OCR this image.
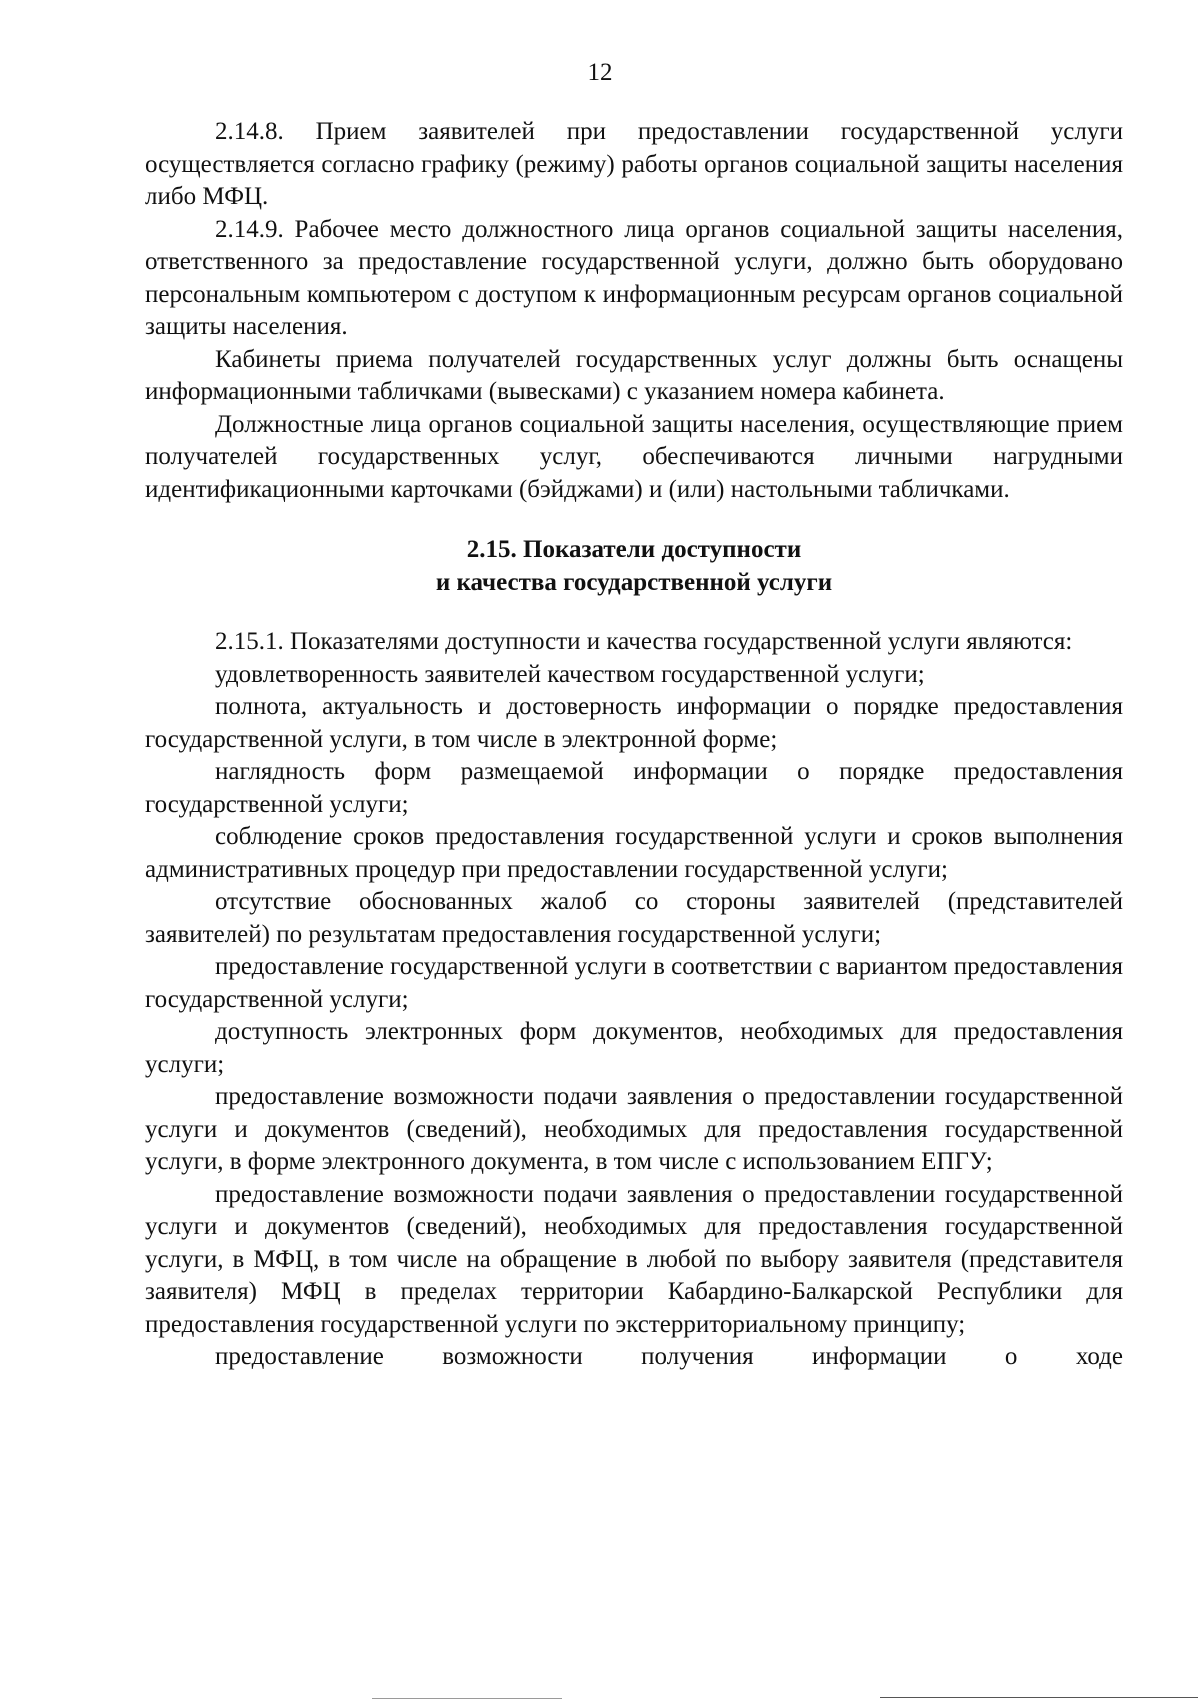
12

2.14.8. Прием заявителей при предоставлении государственной услуги осуществляется согласно графику (режиму) работы органов социальной защиты населения либо МФЦ.

2.14.9. Рабочее место должностного лица органов социальной защиты населения, ответственного за предоставление государственной услуги, должно быть оборудовано персональным компьютером с доступом к информационным ресурсам органов социальной защиты населения.

Кабинеты приема получателей государственных услуг должны быть оснащены информационными табличками (вывесками) с указанием номера кабинета.

Должностные лица органов социальной защиты населения, осуществляющие прием получателей государственных услуг, обеспечиваются личными нагрудными идентификационными карточками (бэйджами) и (или) настольными табличками.

2.15. Показатели доступности

и качества государственной услуги

2.15.1. Показателями доступности и качества государственной услуги являются:

удовлетворенность заявителей качеством государственной услуги;

полнота, актуальность и достоверность информации о порядке предоставления государственной услуги, в том числе в электронной форме;

наглядность форм размещаемой информации о порядке предоставления государственной услуги;

соблюдение сроков предоставления государственной услуги и сроков выполнения административных процедур при предоставлении государственной услуги;

отсутствие обоснованных жалоб со стороны заявителей (представителей заявителей) по результатам предоставления государственной услуги;

предоставление государственной услуги в соответствии с вариантом предоставления государственной услуги;

доступность электронных форм документов, необходимых для предоставления услуги;

предоставление возможности подачи заявления о предоставлении государственной услуги и документов (сведений), необходимых для предоставления государственной услуги, в форме электронного документа, в том числе с использованием ЕПГУ;

предоставление возможности подачи заявления о предоставлении государственной услуги и документов (сведений), необходимых для предоставления государственной услуги, в МФЦ, в том числе на обращение в любой по выбору заявителя (представителя заявителя) МФЦ в пределах территории Кабардино-Балкарской Республики для предоставления государственной услуги по экстерриториальному принципу;

предоставление возможности получения информации о ходе
